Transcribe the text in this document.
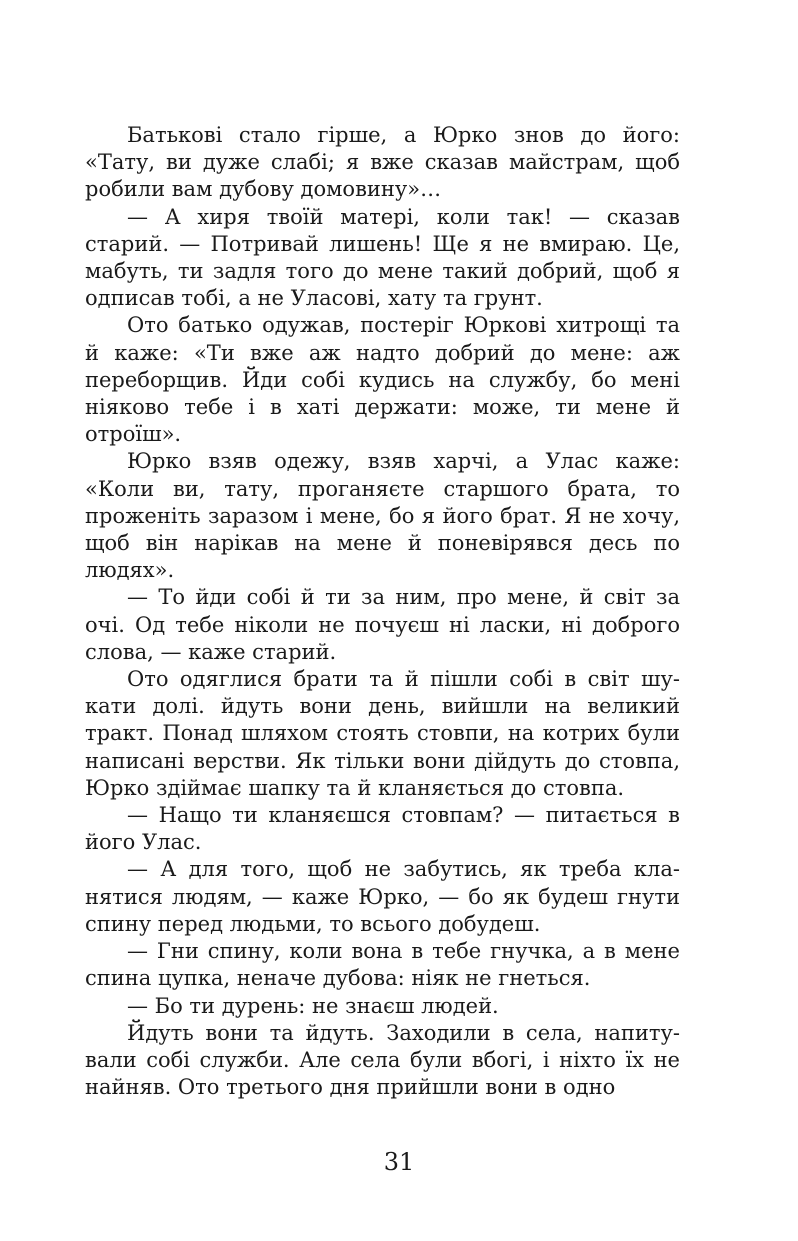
Батькові стало гірше, а Юрко знов до його: «Тату, ви дуже слабі; я вже сказав майстрам, щоб робили вам дубову домовину»…

— А хиря твоїй матері, коли так! — сказав старий. — Потривай лишень! Ще я не вмираю. Це, мабуть, ти задля того до мене такий добрий, щоб я одписав тобі, а не Уласові, хату та грунт.

Ото батько одужав, постеріг Юркові хитрощі та й каже: «Ти вже аж надто добрий до мене: аж переборщив. Йди собі кудись на службу, бо мені ніяково тебе і в хаті держати: може, ти мене й отроїш».

Юрко взяв одежу, взяв харчі, а Улас каже: «Коли ви, тату, проганяєте старшого брата, то проженіть заразом і мене, бо я його брат. Я не хочу, щоб він нарікав на мене й поневірявся десь по людях».

— То йди собі й ти за ним, про мене, й світ за очі. Од тебе ніколи не почуєш ні ласки, ні доброго слова, — каже старий.

Ото одяглися брати та й пішли собі в світ шукати долі. йдуть вони день, вийшли на великий тракт. Понад шляхом стоять стовпи, на котрих були написані верстви. Як тільки вони дійдуть до стовпа, Юрко здіймає шапку та й кланяється до стовпа.

— Нащо ти кланяєшся стовпам? — питається в його Улас.

— А для того, щоб не забутись, як треба кланятися людям, — каже Юрко, — бо як будеш гнути спину перед людьми, то всього добудеш.

— Гни спину, коли вона в тебе гнучка, а в мене спина цупка, неначе дубова: ніяк не гнеться.

— Бо ти дурень: не знаєш людей.

Йдуть вони та йдуть. Заходили в села, напитували собі служби. Але села були вбогі, і ніхто їх не найняв. Ото третього дня прийшли вони в одно

31
